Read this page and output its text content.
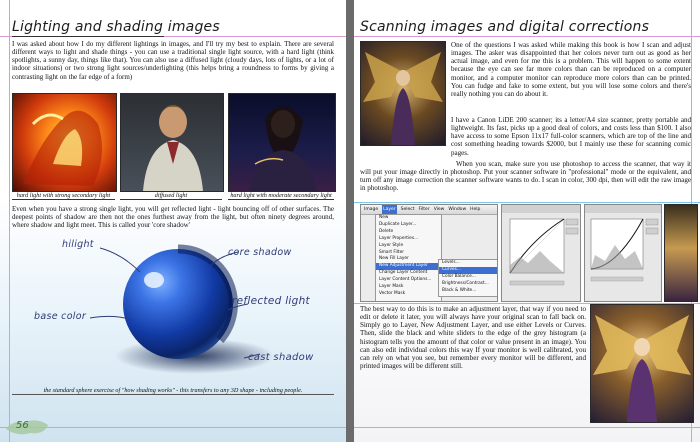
Lighting and shading images
I was asked about how I do my different lightings in images, and I'll try my best to explain. There are several different ways to light and shade things - you can use a traditional single light source, with a hard light (think spotlights, a sunny day, things like that). You can also use a diffused light (cloudy days, lots of lights, or a lot of indoor situations) or two strong light sources/underlighting (this helps bring a roundness to forms by giving a contrasting light on the far edge of a form)
hard light with strong secondary light	diffused light	hard light with moderate secondary light
Even when you have a strong single light, you will get reflected light - light bouncing off of other surfaces. The deepest points of shadow are then not the ones furthest away from the light, but often ninety degrees around, where shadow and light meet. This is called your 'core shadow'
hilight
core shadow
reflected light
base color
cast shadow
the standard sphere exercise of "how shading works" - this transfers to any 3D shape - including people.
56
Scanning images and digital corrections
One of the questions I was asked while making this book is how I scan and adjust images. The asker was disappointed that her colors never turn out as good as her actual image, and even for me this is a problem. This will happen to some extent because the eye can see far more colors than can be reproduced on a computer monitor, and a computer monitor can reproduce more colors than can be printed. You can fudge and fake to some extent, but you will lose some colors and there's really nothing you can do about it.
I have a Canon LiDE 200 scanner; its a letter/A4 size scanner, pretty portable and lightweight. Its fast, picks up a good deal of colors, and costs less than $100. I also have access to some Epson 11x17 full-color scanners, which are top of the line and cost something heading towards $2000, but I mainly use these for scanning comic pages.
When you scan, make sure you use photoshop to access the scanner, that way it will put your image directly in photoshop. Put your scanner software in "professional" mode or the equivalent, and turn off any image correction the scanner software wants to do. I scan in color, 300 dpi, then will edit the raw image in photoshop.
Image Layer Select Filter View Window Help
New
Duplicate Layer...
Delete
Layer Properties...
Layer Style
Smart Filter
New Fill Layer
New Adjustment Layer
Change Layer Content
Layer Content Options...
Layer Mask
Vector Mask
Levels...
Curves...
Color Balance...
Brightness/Contrast...
Black & White...
The best way to do this is to make an adjustment layer, that way if you need to edit or delete it later, you will always have your original scan to fall back on. Simply go to Layer, New Adjustment Layer, and use either Levels or Curves. Then, slide the black and white sliders to the edge of the grey histogram (a histogram tells you the amount of that color or value present in an image). You can also edit individual colors this way If your monitor is well calibrated, you can rely on what you see, but remember every monitor will be different, and printed images will be different still.
